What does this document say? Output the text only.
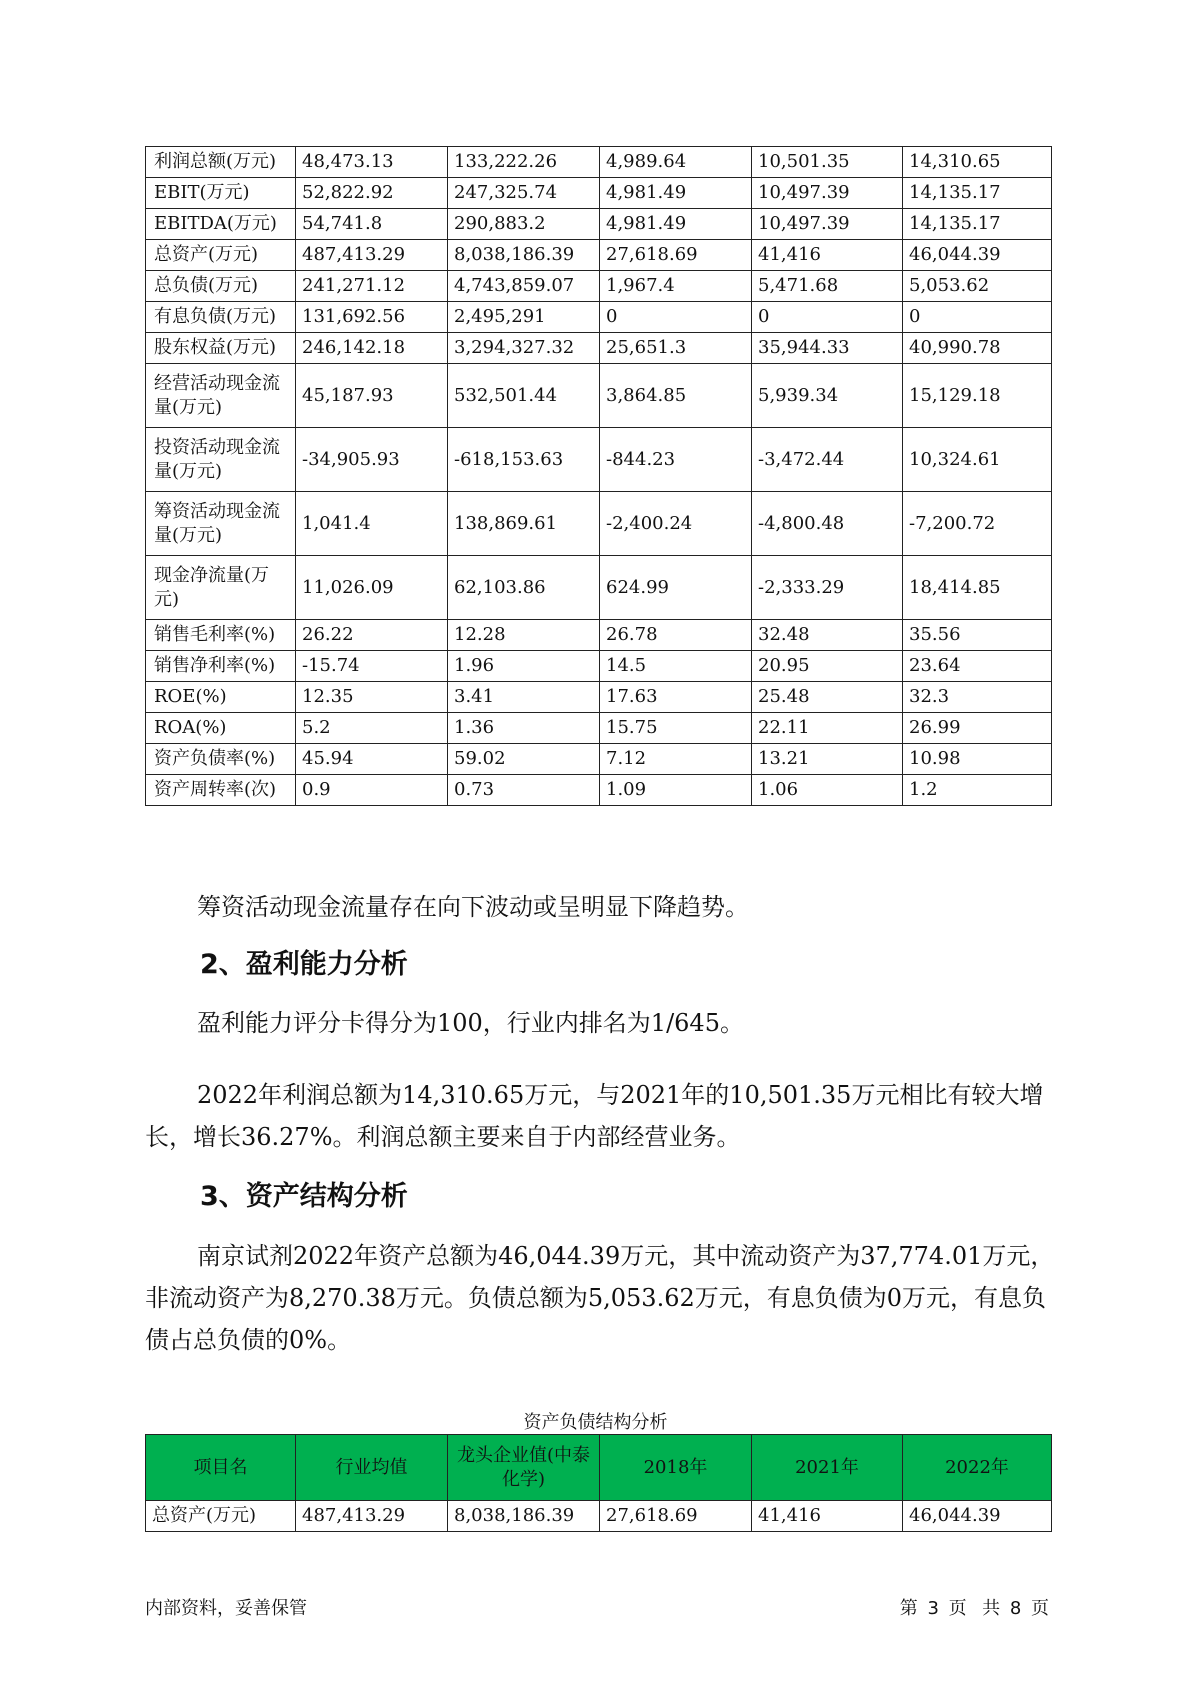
利润总额(万元)	48,473.13	133,222.26	4,989.64	10,501.35	14,310.65
EBIT(万元)	52,822.92	247,325.74	4,981.49	10,497.39	14,135.17
EBITDA(万元)	54,741.8	290,883.2	4,981.49	10,497.39	14,135.17
总资产(万元)	487,413.29	8,038,186.39	27,618.69	41,416	46,044.39
总负债(万元)	241,271.12	4,743,859.07	1,967.4	5,471.68	5,053.62
有息负债(万元)	131,692.56	2,495,291	0	0	0
股东权益(万元)	246,142.18	3,294,327.32	25,651.3	35,944.33	40,990.78
经营活动现金流量(万元)	45,187.93	532,501.44	3,864.85	5,939.34	15,129.18
投资活动现金流量(万元)	-34,905.93	-618,153.63	-844.23	-3,472.44	10,324.61
筹资活动现金流量(万元)	1,041.4	138,869.61	-2,400.24	-4,800.48	-7,200.72
现金净流量(万元)	11,026.09	62,103.86	624.99	-2,333.29	18,414.85
销售毛利率(%)	26.22	12.28	26.78	32.48	35.56
销售净利率(%)	-15.74	1.96	14.5	20.95	23.64
ROE(%)	12.35	3.41	17.63	25.48	32.3
ROA(%)	5.2	1.36	15.75	22.11	26.99
资产负债率(%)	45.94	59.02	7.12	13.21	10.98
资产周转率(次)	0.9	0.73	1.09	1.06	1.2

筹资活动现金流量存在向下波动或呈明显下降趋势。

2、盈利能力分析

盈利能力评分卡得分为100，行业内排名为1/645。

2022年利润总额为14,310.65万元，与2021年的10,501.35万元相比有较大增长，增长36.27%。利润总额主要来自于内部经营业务。

3、资产结构分析

南京试剂2022年资产总额为46,044.39万元，其中流动资产为37,774.01万元，非流动资产为8,270.38万元。负债总额为5,053.62万元，有息负债为0万元，有息负债占总负债的0%。

资产负债结构分析

项目名	行业均值	龙头企业值(中泰化学)	2018年	2021年	2022年
总资产(万元)	487,413.29	8,038,186.39	27,618.69	41,416	46,044.39

内部资料，妥善保管	第 3 页 共 8 页
